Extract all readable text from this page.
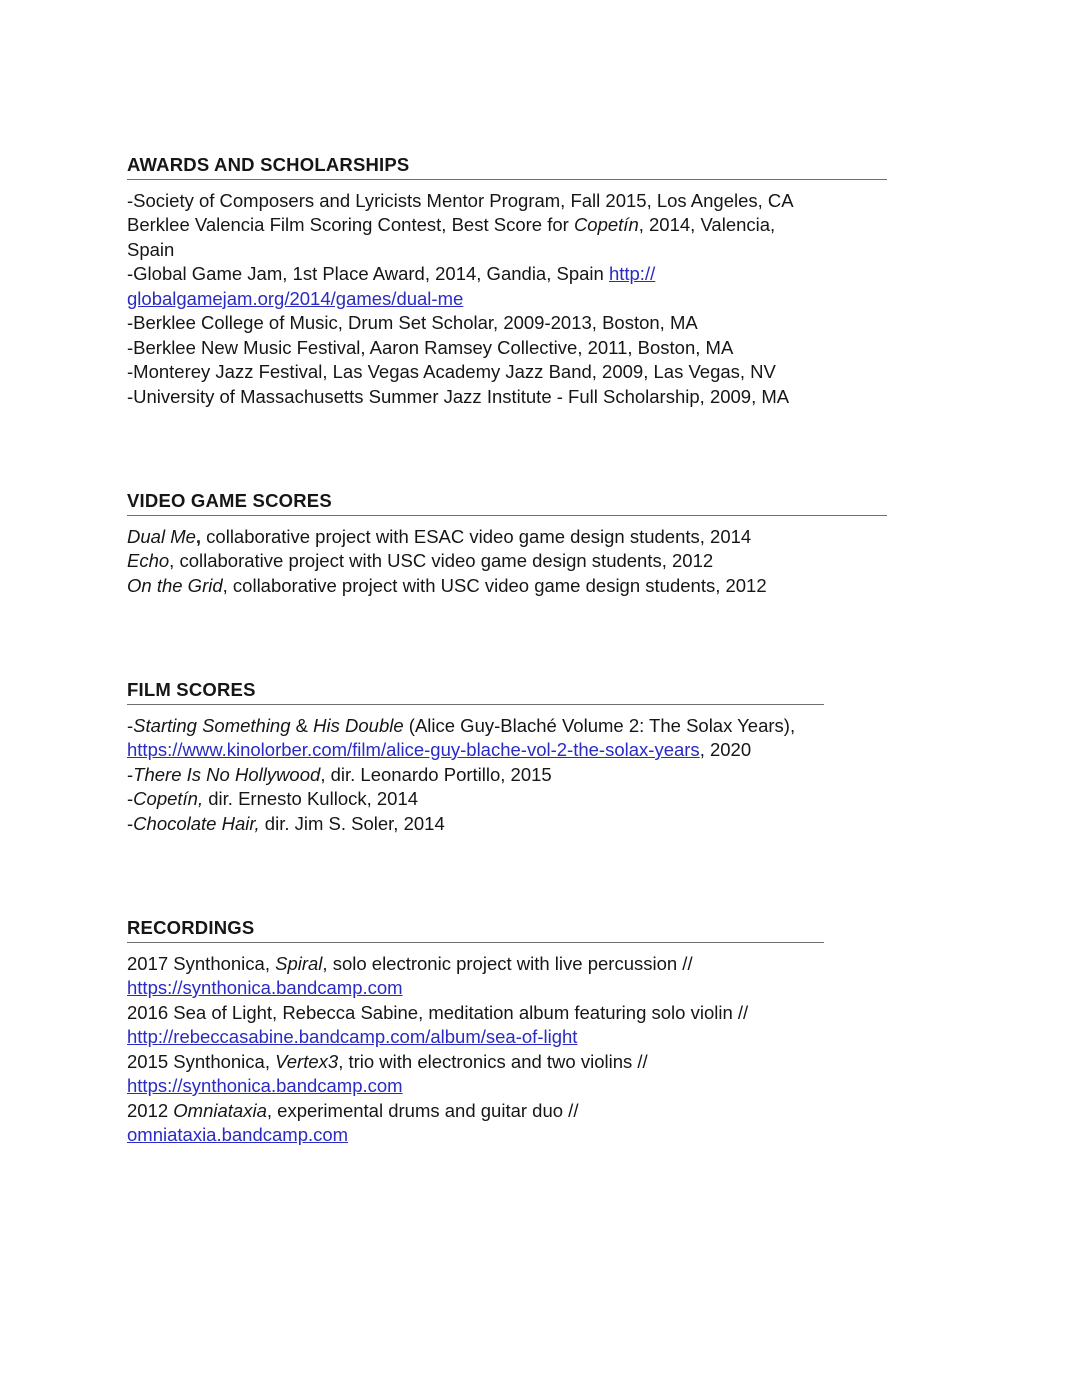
AWARDS AND SCHOLARSHIPS
-Society of Composers and Lyricists Mentor Program, Fall 2015, Los Angeles, CA
Berklee Valencia Film Scoring Contest, Best Score for Copetín, 2014, Valencia,
Spain
-Global Game Jam, 1st Place Award, 2014, Gandia, Spain http://
globalgamejam.org/2014/games/dual-me
-Berklee College of Music, Drum Set Scholar, 2009-2013, Boston, MA
-Berklee New Music Festival, Aaron Ramsey Collective, 2011, Boston, MA
-Monterey Jazz Festival, Las Vegas Academy Jazz Band, 2009, Las Vegas, NV
-University of Massachusetts Summer Jazz Institute - Full Scholarship, 2009, MA
VIDEO GAME SCORES
Dual Me, collaborative project with ESAC video game design students, 2014
Echo, collaborative project with USC video game design students, 2012
On the Grid, collaborative project with USC video game design students, 2012
FILM SCORES
-Starting Something & His Double (Alice Guy-Blaché Volume 2: The Solax Years),
https://www.kinolorber.com/film/alice-guy-blache-vol-2-the-solax-years, 2020
-There Is No Hollywood, dir. Leonardo Portillo, 2015
-Copetín, dir. Ernesto Kullock, 2014
-Chocolate Hair, dir. Jim S. Soler, 2014
RECORDINGS
2017 Synthonica, Spiral, solo electronic project with live percussion //
https://synthonica.bandcamp.com
2016 Sea of Light, Rebecca Sabine, meditation album featuring solo violin //
http://rebeccasabine.bandcamp.com/album/sea-of-light
2015 Synthonica, Vertex3, trio with electronics and two violins //
https://synthonica.bandcamp.com
2012 Omniataxia, experimental drums and guitar duo //
omniataxia.bandcamp.com
